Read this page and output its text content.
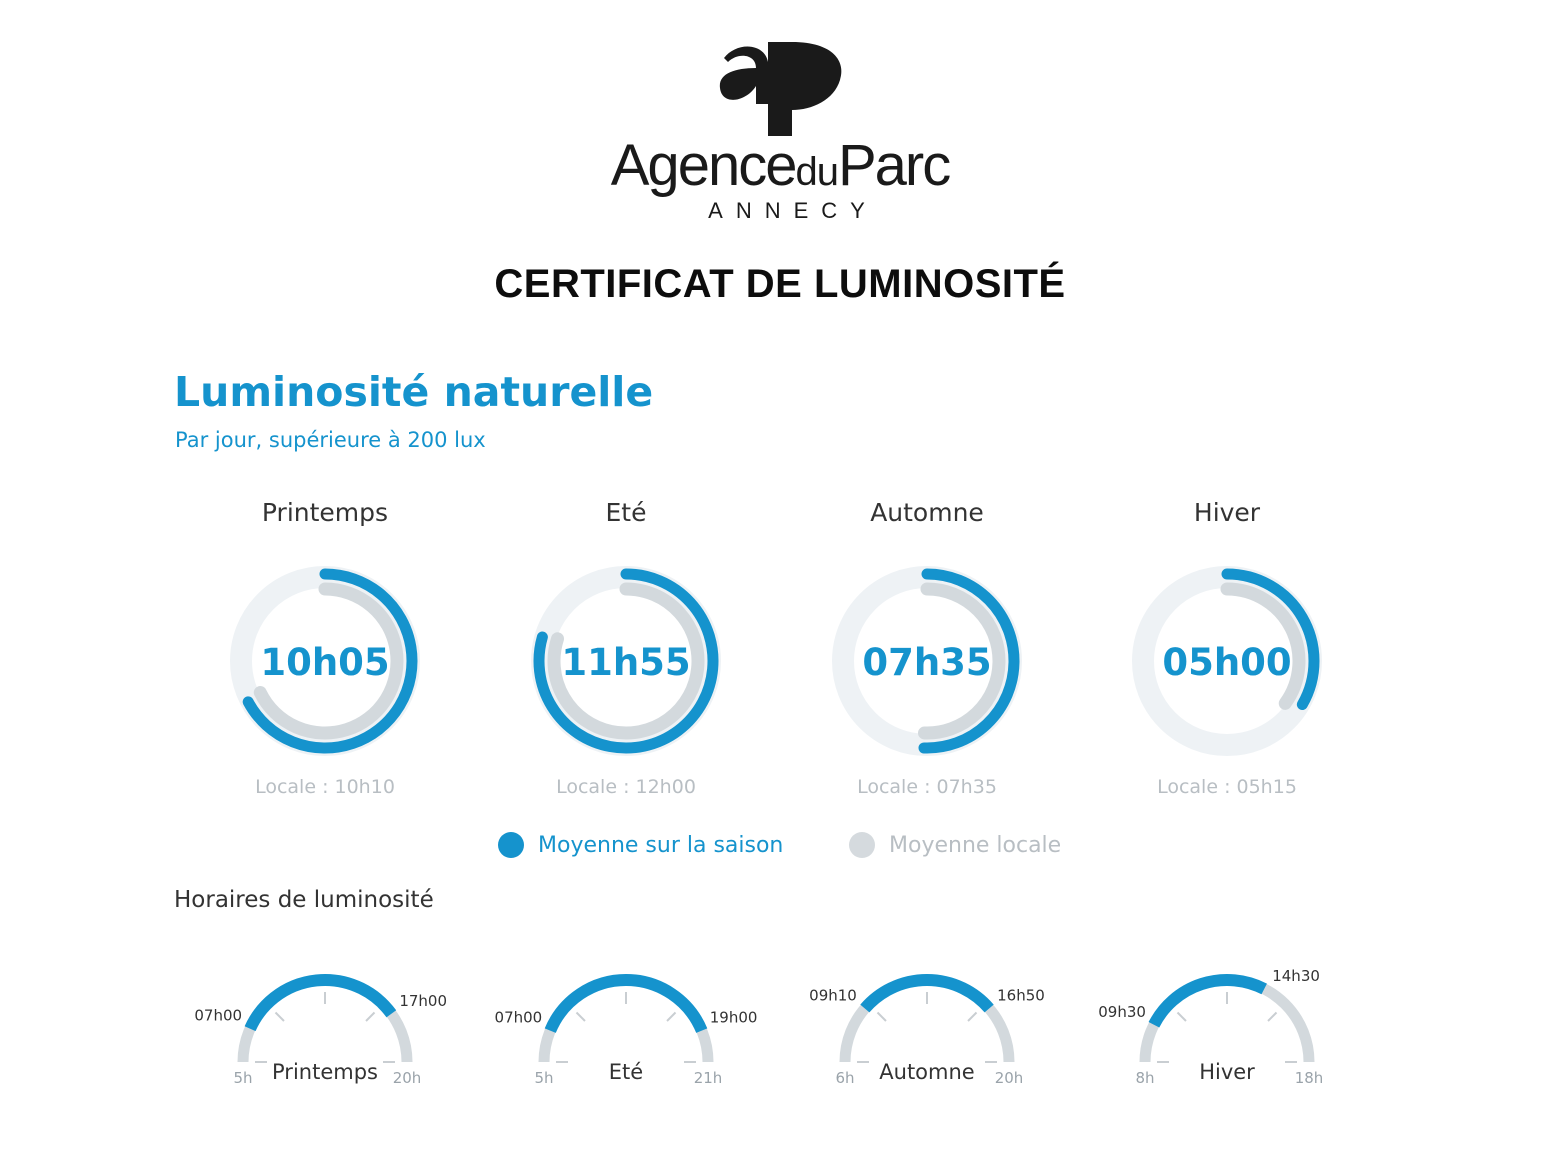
AgenceduParc
ANNECY
CERTIFICAT DE LUMINOSITÉ
Luminosité naturelle
Par jour, supérieure à 200 lux
Printemps
10h05
Locale : 10h10
Eté
11h55
Locale : 12h00
Automne
07h35
Locale : 07h35
Hiver
05h00
Locale : 05h15
Printemps
5h	20h
07h00
17h00
Eté
5h	21h
07h00	19h00
Automne
6h	20h
09h10	16h50
Hiver
8h	18h
09h30
14h30
Moyenne sur la saison	Moyenne locale
Horaires de luminosité
